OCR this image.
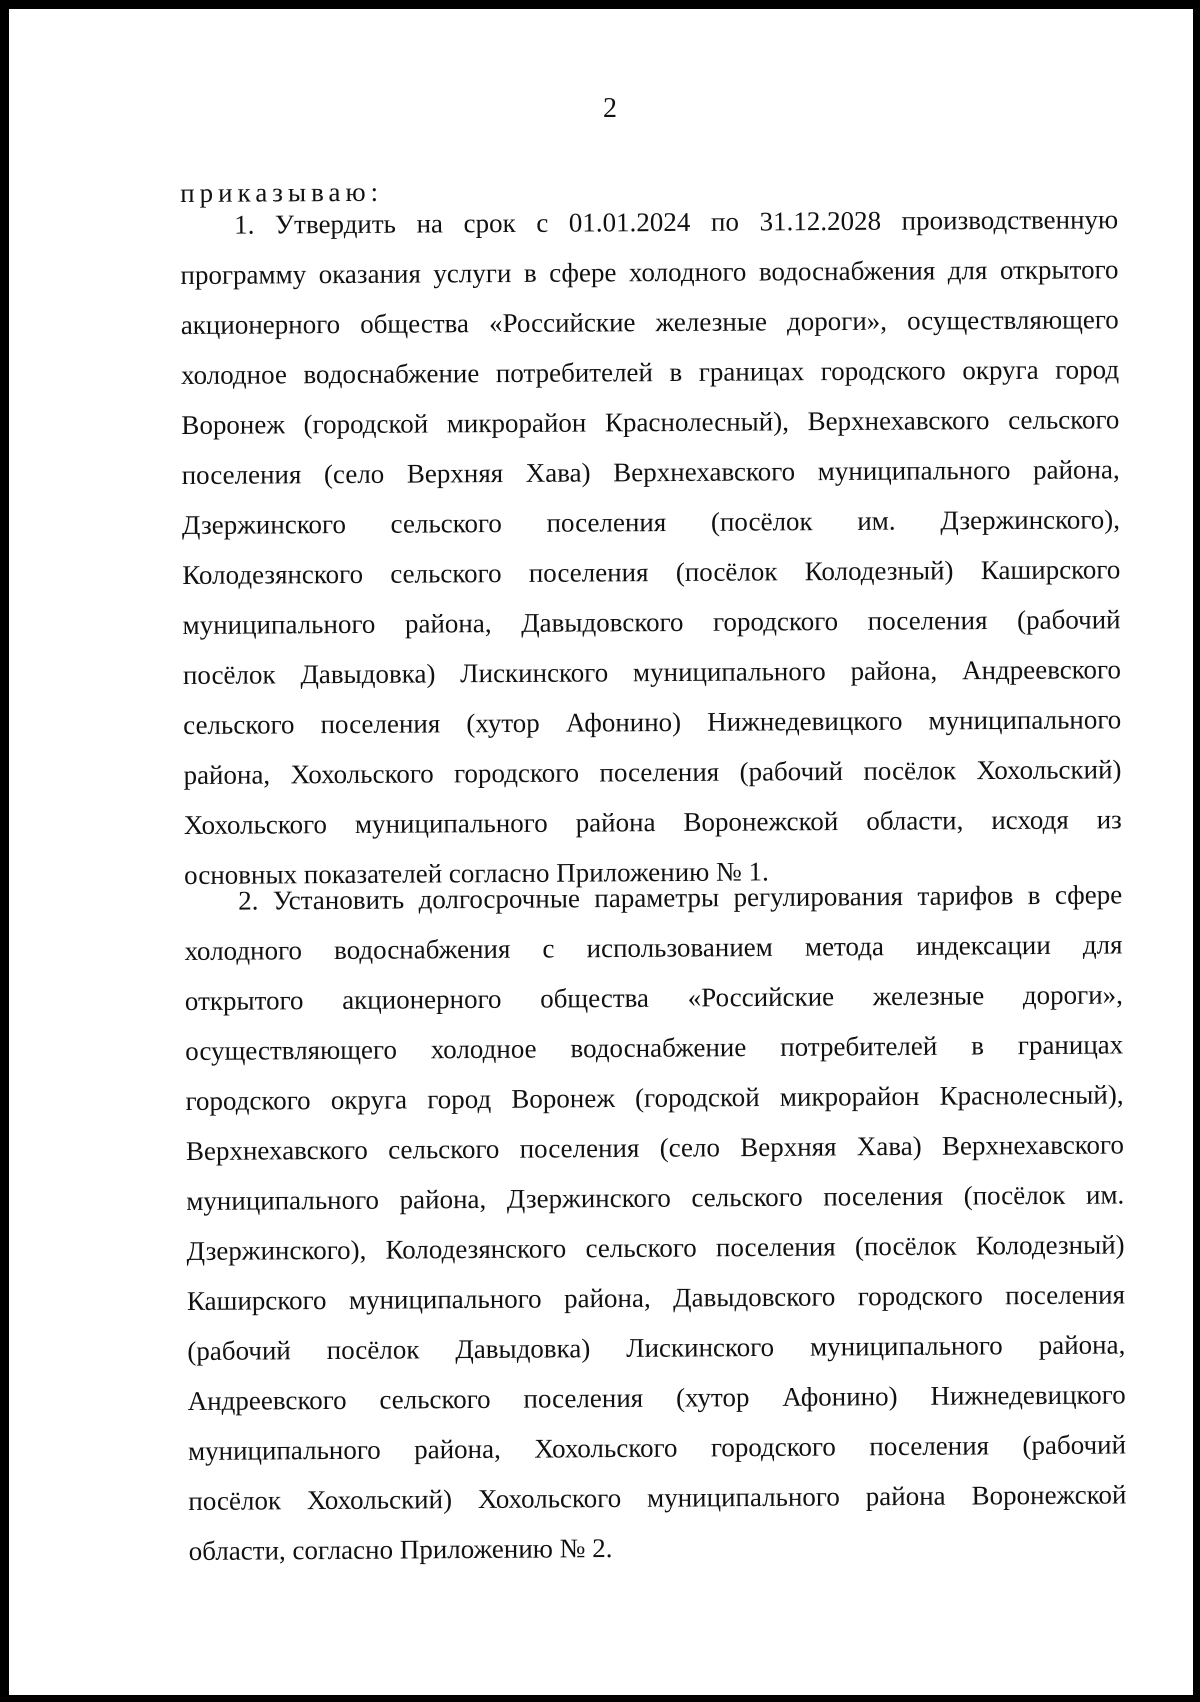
2
приказываю:
1. Утвердить на срок с 01.01.2024 по 31.12.2028 производственную
программу оказания услуги в сфере холодного водоснабжения для открытого
акционерного общества «Российские железные дороги», осуществляющего
холодное водоснабжение потребителей в границах городского округа город
Воронеж (городской микрорайон Краснолесный), Верхнехавского сельского
поселения (село Верхняя Хава) Верхнехавского муниципального района,
Дзержинского сельского поселения (посёлок им. Дзержинского),
Колодезянского сельского поселения (посёлок Колодезный) Каширского
муниципального района, Давыдовского городского поселения (рабочий
посёлок Давыдовка) Лискинского муниципального района, Андреевского
сельского поселения (хутор Афонино) Нижнедевицкого муниципального
района, Хохольского городского поселения (рабочий посёлок Хохольский)
Хохольского муниципального района Воронежской области, исходя из
основных показателей согласно Приложению № 1.
2. Установить долгосрочные параметры регулирования тарифов в сфере
холодного водоснабжения с использованием метода индексации для
открытого акционерного общества «Российские железные дороги»,
осуществляющего холодное водоснабжение потребителей в границах
городского округа город Воронеж (городской микрорайон Краснолесный),
Верхнехавского сельского поселения (село Верхняя Хава) Верхнехавского
муниципального района, Дзержинского сельского поселения (посёлок им.
Дзержинского), Колодезянского сельского поселения (посёлок Колодезный)
Каширского муниципального района, Давыдовского городского поселения
(рабочий посёлок Давыдовка) Лискинского муниципального района,
Андреевского сельского поселения (хутор Афонино) Нижнедевицкого
муниципального района, Хохольского городского поселения (рабочий
посёлок Хохольский) Хохольского муниципального района Воронежской
области, согласно Приложению № 2.
